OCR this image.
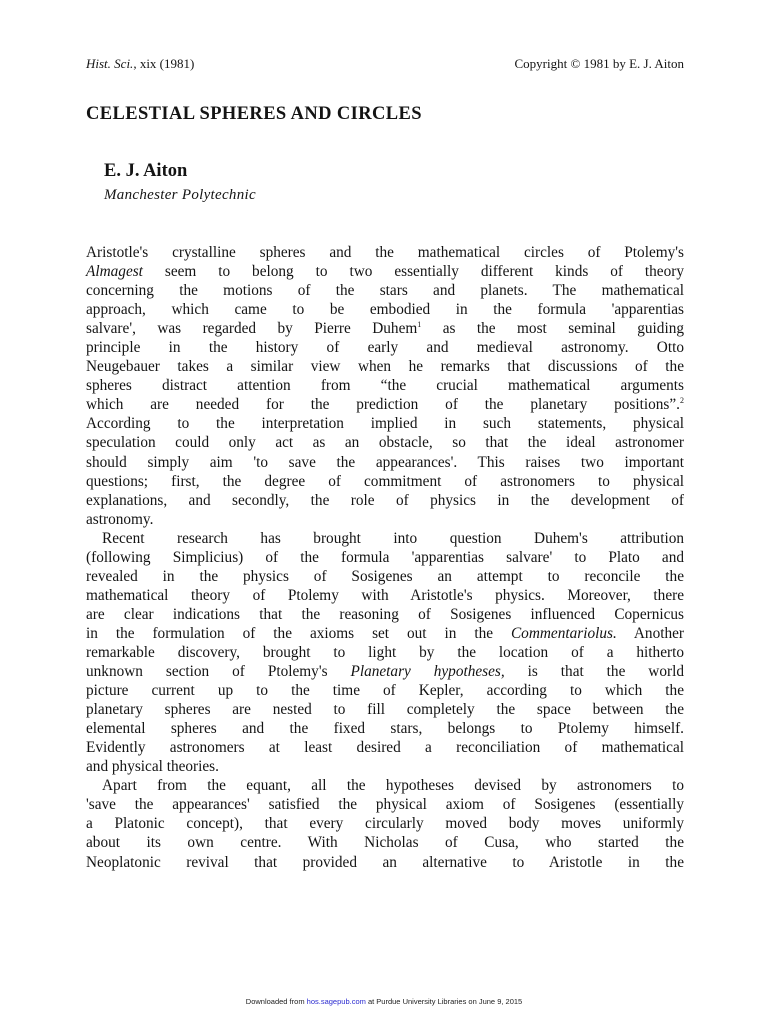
Hist. Sci., xix (1981)	Copyright © 1981 by E. J. Aiton
CELESTIAL SPHERES AND CIRCLES
E. J. Aiton
Manchester Polytechnic

Aristotle's crystalline spheres and the mathematical circles of Ptolemy's

Almagest seem to belong to two essentially different kinds of theory

concerning the motions of the stars and planets. The mathematical

approach, which came to be embodied in the formula 'apparentias

salvare', was regarded by Pierre Duhem$^1$ as the most seminal guiding

principle in the history of early and medieval astronomy. Otto

Neugebauer takes a similar view when he remarks that discussions of the

spheres distract attention from “the crucial mathematical arguments

which are needed for the prediction of the planetary positions”.$^2$

According to the interpretation implied in such statements, physical

speculation could only act as an obstacle, so that the ideal astronomer

should simply aim 'to save the appearances'. This raises two important

questions; first, the degree of commitment of astronomers to physical

explanations, and secondly, the role of physics in the development of

astronomy.

Recent research has brought into question Duhem's attribution

(following Simplicius) of the formula 'apparentias salvare' to Plato and

revealed in the physics of Sosigenes an attempt to reconcile the

mathematical theory of Ptolemy with Aristotle's physics. Moreover, there

are clear indications that the reasoning of Sosigenes influenced Copernicus

in the formulation of the axioms set out in the Commentariolus. Another

remarkable discovery, brought to light by the location of a hitherto

unknown section of Ptolemy's Planetary hypotheses, is that the world

picture current up to the time of Kepler, according to which the

planetary spheres are nested to fill completely the space between the

elemental spheres and the fixed stars, belongs to Ptolemy himself.

Evidently astronomers at least desired a reconciliation of mathematical

and physical theories.

Apart from the equant, all the hypotheses devised by astronomers to

'save the appearances' satisfied the physical axiom of Sosigenes (essentially

a Platonic concept), that every circularly moved body moves uniformly

about its own centre. With Nicholas of Cusa, who started the

Neoplatonic revival that provided an alternative to Aristotle in the

Downloaded from hos.sagepub.com at Purdue University Libraries on June 9, 2015
